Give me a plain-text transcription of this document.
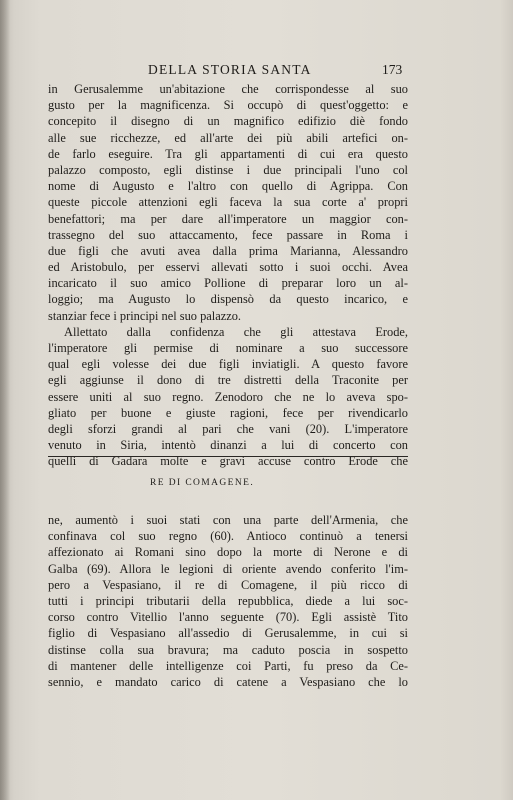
DELLA STORIA SANTA	173
in Gerusalemme un'abitazione che corrispondesse al suo
gusto per la magnificenza. Si occupò di quest'oggetto: e
concepito il disegno di un magnifico edifizio diè fondo
alle sue ricchezze, ed all'arte dei più abili artefici on-
de farlo eseguire. Tra gli appartamenti di cui era questo
palazzo composto, egli distinse i due principali l'uno col
nome di Augusto e l'altro con quello di Agrippa. Con
queste piccole attenzioni egli faceva la sua corte a' propri
benefattori; ma per dare all'imperatore un maggior con-
trassegno del suo attaccamento, fece passare in Roma i
due figli che avuti avea dalla prima Marianna, Alessandro
ed Aristobulo, per esservi allevati sotto i suoi occhi. Avea
incaricato il suo amico Pollione di preparar loro un al-
loggio; ma Augusto lo dispensò da questo incarico, e
stanziar fece i principi nel suo palazzo.
Allettato dalla confidenza che gli attestava Erode,
l'imperatore gli permise di nominare a suo successore
qual egli volesse dei due figli inviatigli. A questo favore
egli aggiunse il dono di tre distretti della Traconite per
essere uniti al suo regno. Zenodoro che ne lo aveva spo-
gliato per buone e giuste ragioni, fece per rivendicarlo
degli sforzi grandi al pari che vani (20). L'imperatore
venuto in Siria, intentò dinanzi a lui di concerto con
quelli di Gadara molte e gravi accuse contro Erode che
RE DI COMAGENE.
ne, aumentò i suoi stati con una parte dell'Armenia, che
confinava col suo regno (60). Antioco continuò a tenersi
affezionato ai Romani sino dopo la morte di Nerone e di
Galba (69). Allora le legioni di oriente avendo conferito l'im-
pero a Vespasiano, il re di Comagene, il più ricco di
tutti i principi tributarii della repubblica, diede a lui soc-
corso contro Vitellio l'anno seguente (70). Egli assistè Tito
figlio di Vespasiano all'assedio di Gerusalemme, in cui si
distinse colla sua bravura; ma caduto poscia in sospetto
di mantener delle intelligenze coi Parti, fu preso da Ce-
sennio, e mandato carico di catene a Vespasiano che lo
